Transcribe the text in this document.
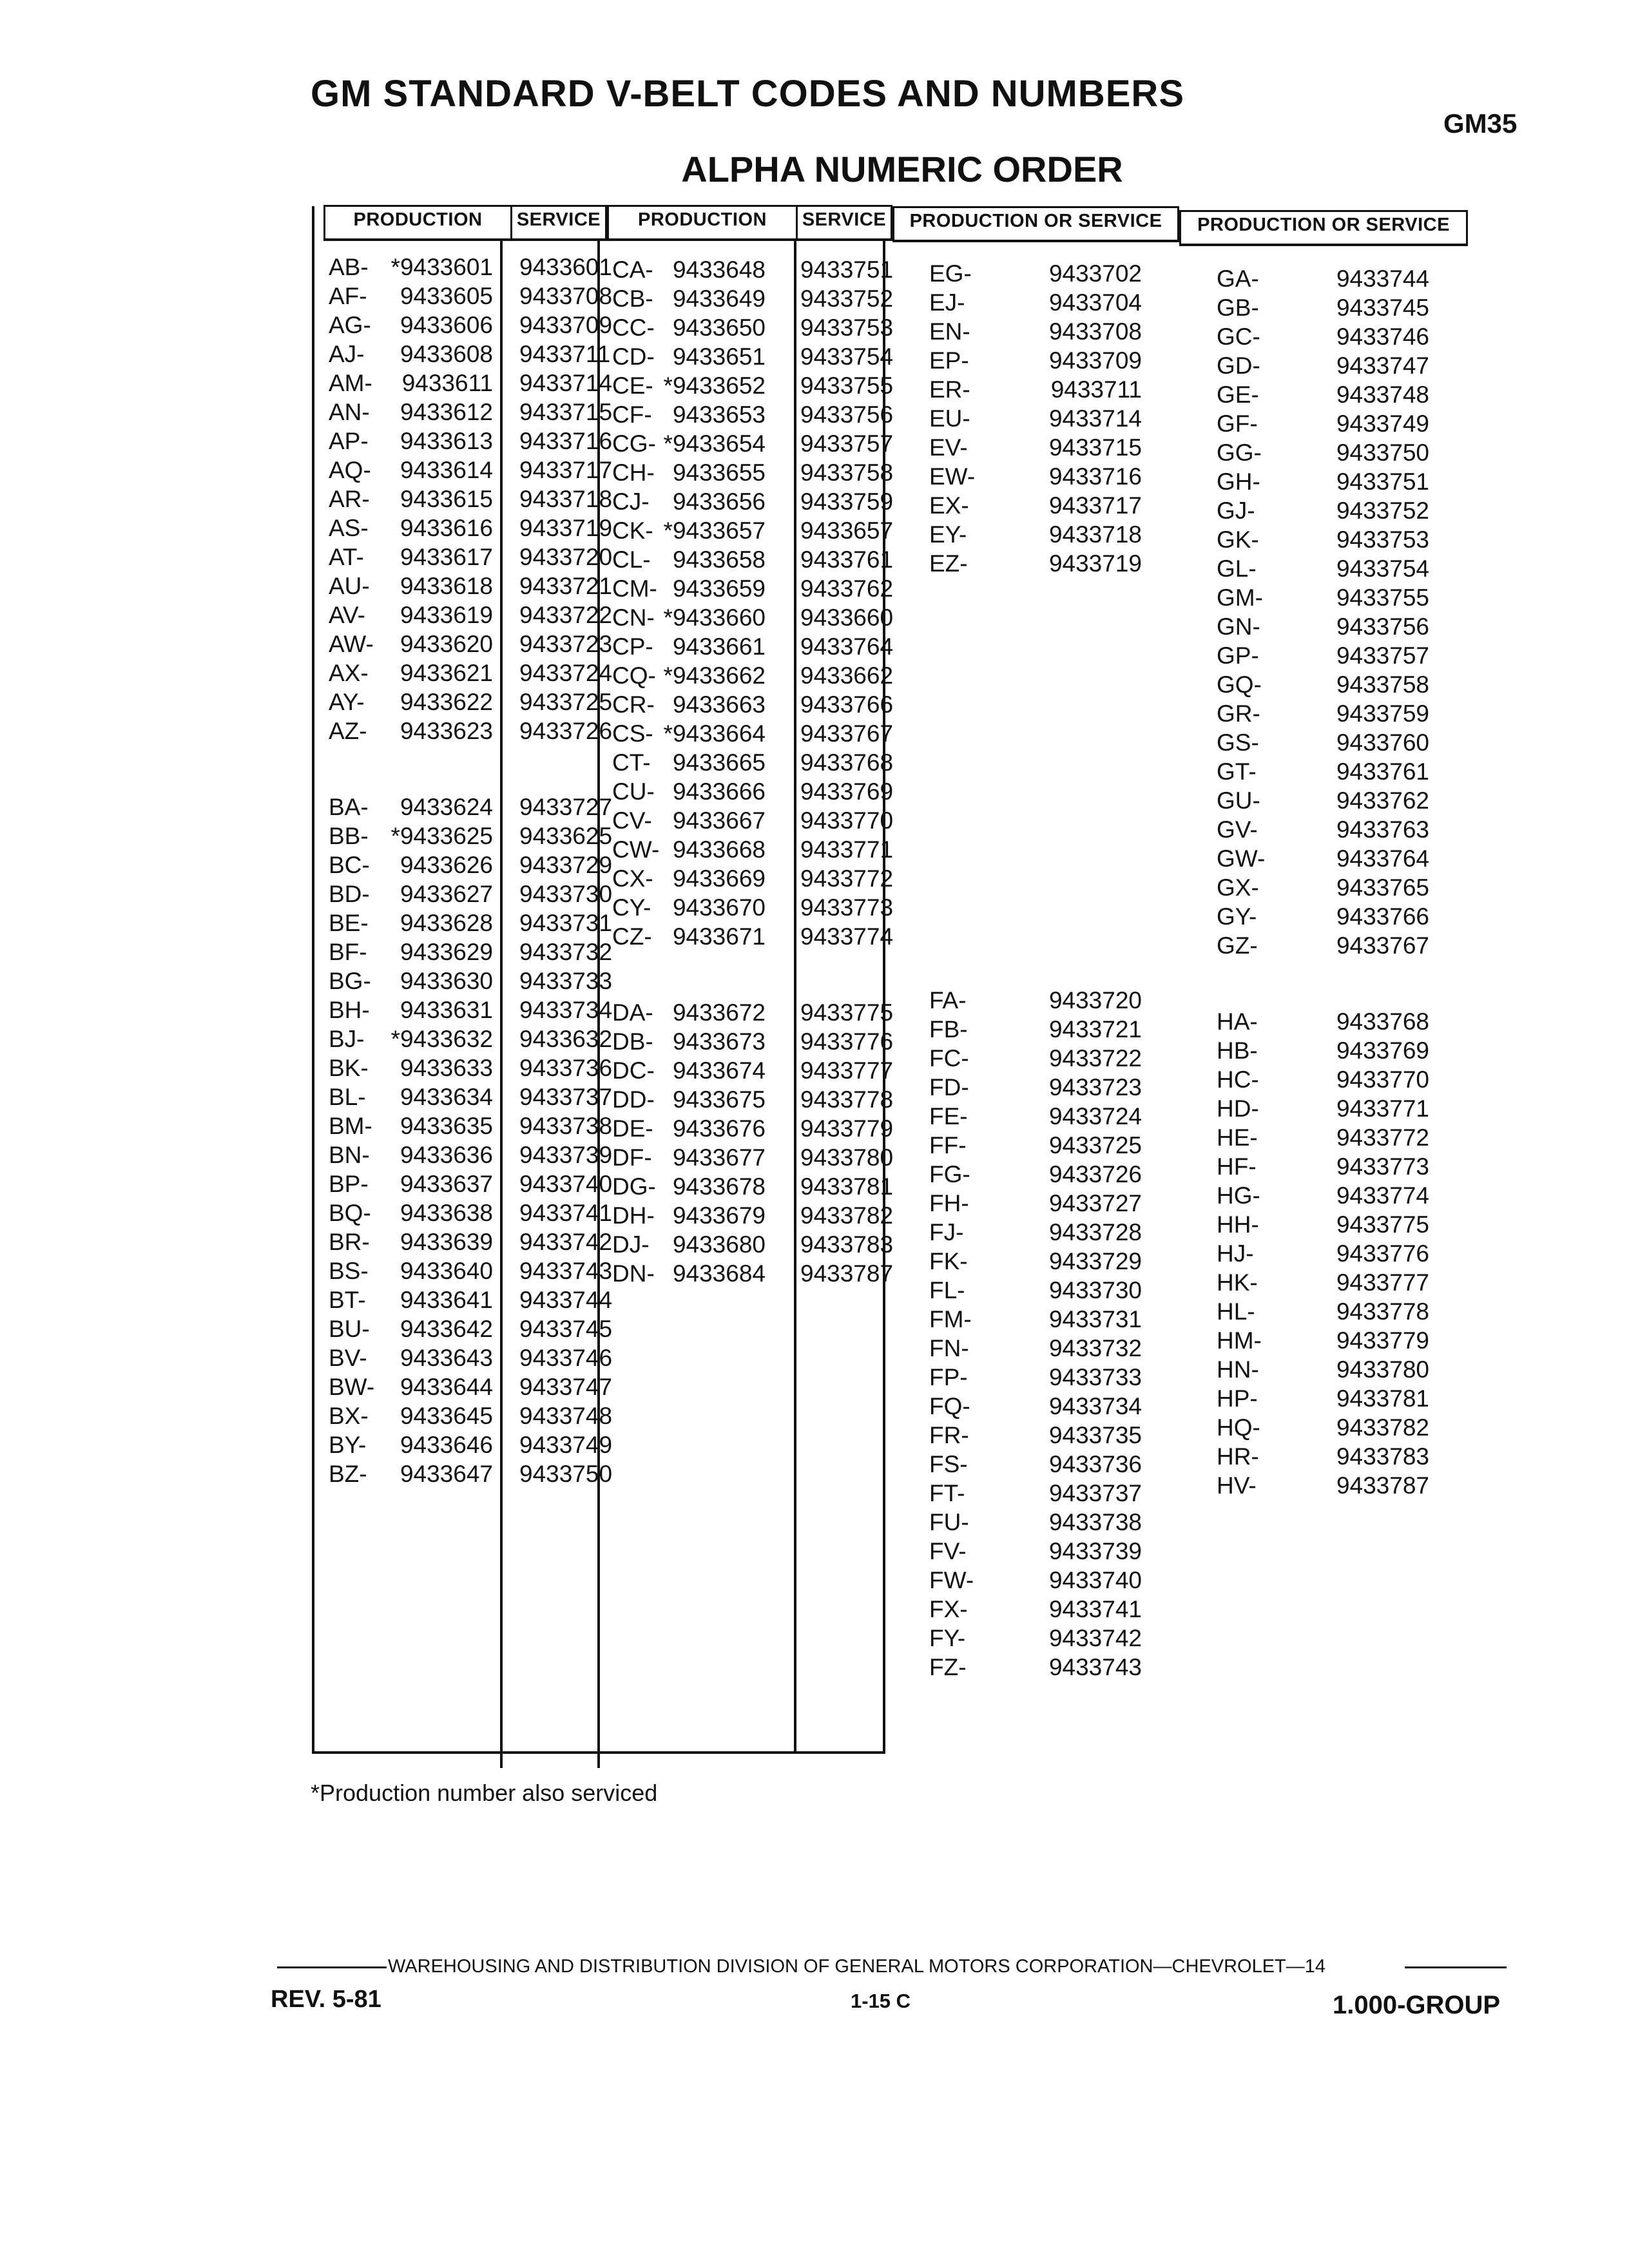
GM STANDARD V-BELT CODES AND NUMBERS
ALPHA NUMERIC ORDER
GM35
PRODUCTION	SERVICE	PRODUCTION	SERVICE	PRODUCTION OR SERVICE	PRODUCTION OR SERVICE
AB- *9433601 9433601
AF- 9433605 9433708
AG- 9433606 9433709
AJ- 9433608 9433711
AM- 9433611 9433714
AN- 9433612 9433715
AP- 9433613 9433716
AQ- 9433614 9433717
AR- 9433615 9433718
AS- 9433616 9433719
AT- 9433617 9433720
AU- 9433618 9433721
AV- 9433619 9433722
AW- 9433620 9433723
AX- 9433621 9433724
AY- 9433622 9433725
AZ- 9433623 9433726
BA- 9433624 9433727
BB- *9433625 9433625
BC- 9433626 9433729
BD- 9433627 9433730
BE- 9433628 9433731
BF- 9433629 9433732
BG- 9433630 9433733
BH- 9433631 9433734
BJ- *9433632 9433632
BK- 9433633 9433736
BL- 9433634 9433737
BM- 9433635 9433738
BN- 9433636 9433739
BP- 9433637 9433740
BQ- 9433638 9433741
BR- 9433639 9433742
BS- 9433640 9433743
BT- 9433641 9433744
BU- 9433642 9433745
BV- 9433643 9433746
BW- 9433644 9433747
BX- 9433645 9433748
BY- 9433646 9433749
BZ- 9433647 9433750
CA- 9433648 9433751
CB- 9433649 9433752
CC- 9433650 9433753
CD- 9433651 9433754
CE- *9433652 9433755
CF- 9433653 9433756
CG- *9433654 9433757
CH- 9433655 9433758
CJ- 9433656 9433759
CK- *9433657 9433657
CL- 9433658 9433761
CM- 9433659 9433762
CN- *9433660 9433660
CP- 9433661 9433764
CQ- *9433662 9433662
CR- 9433663 9433766
CS- *9433664 9433767
CT- 9433665 9433768
CU- 9433666 9433769
CV- 9433667 9433770
CW- 9433668 9433771
CX- 9433669 9433772
CY- 9433670 9433773
CZ- 9433671 9433774
DA- 9433672 9433775
DB- 9433673 9433776
DC- 9433674 9433777
DD- 9433675 9433778
DE- 9433676 9433779
DF- 9433677 9433780
DG- 9433678 9433781
DH- 9433679 9433782
DJ- 9433680 9433783
DN- 9433684 9433787
EG-	9433702
EJ-	9433704
EN-	9433708
EP-	9433709
ER-	9433711
EU-	9433714
EV-	9433715
EW-	9433716
EX-	9433717
EY-	9433718
EZ-	9433719
FA-	9433720
FB-	9433721
FC-	9433722
FD-	9433723
FE-	9433724
FF-	9433725
FG-	9433726
FH-	9433727
FJ-	9433728
FK-	9433729
FL-	9433730
FM-	9433731
FN-	9433732
FP-	9433733
FQ-	9433734
FR-	9433735
FS-	9433736
FT-	9433737
FU-	9433738
FV-	9433739
FW-	9433740
FX-	9433741
FY-	9433742
FZ-	9433743
GA-	9433744
GB-	9433745
GC-	9433746
GD-	9433747
GE-	9433748
GF-	9433749
GG-	9433750
GH-	9433751
GJ-	9433752
GK-	9433753
GL-	9433754
GM-	9433755
GN-	9433756
GP-	9433757
GQ-	9433758
GR-	9433759
GS-	9433760
GT-	9433761
GU-	9433762
GV-	9433763
GW-	9433764
GX-	9433765
GY-	9433766
GZ-	9433767
HA-	9433768
HB-	9433769
HC-	9433770
HD-	9433771
HE-	9433772
HF-	9433773
HG-	9433774
HH-	9433775
HJ-	9433776
HK-	9433777
HL-	9433778
HM-	9433779
HN-	9433780
HP-	9433781
HQ-	9433782
HR-	9433783
HV-	9433787
*Production number also serviced
WAREHOUSING AND DISTRIBUTION DIVISION OF GENERAL MOTORS CORPORATION—CHEVROLET—14
REV. 5-81	1-15 C	1.000-GROUP
